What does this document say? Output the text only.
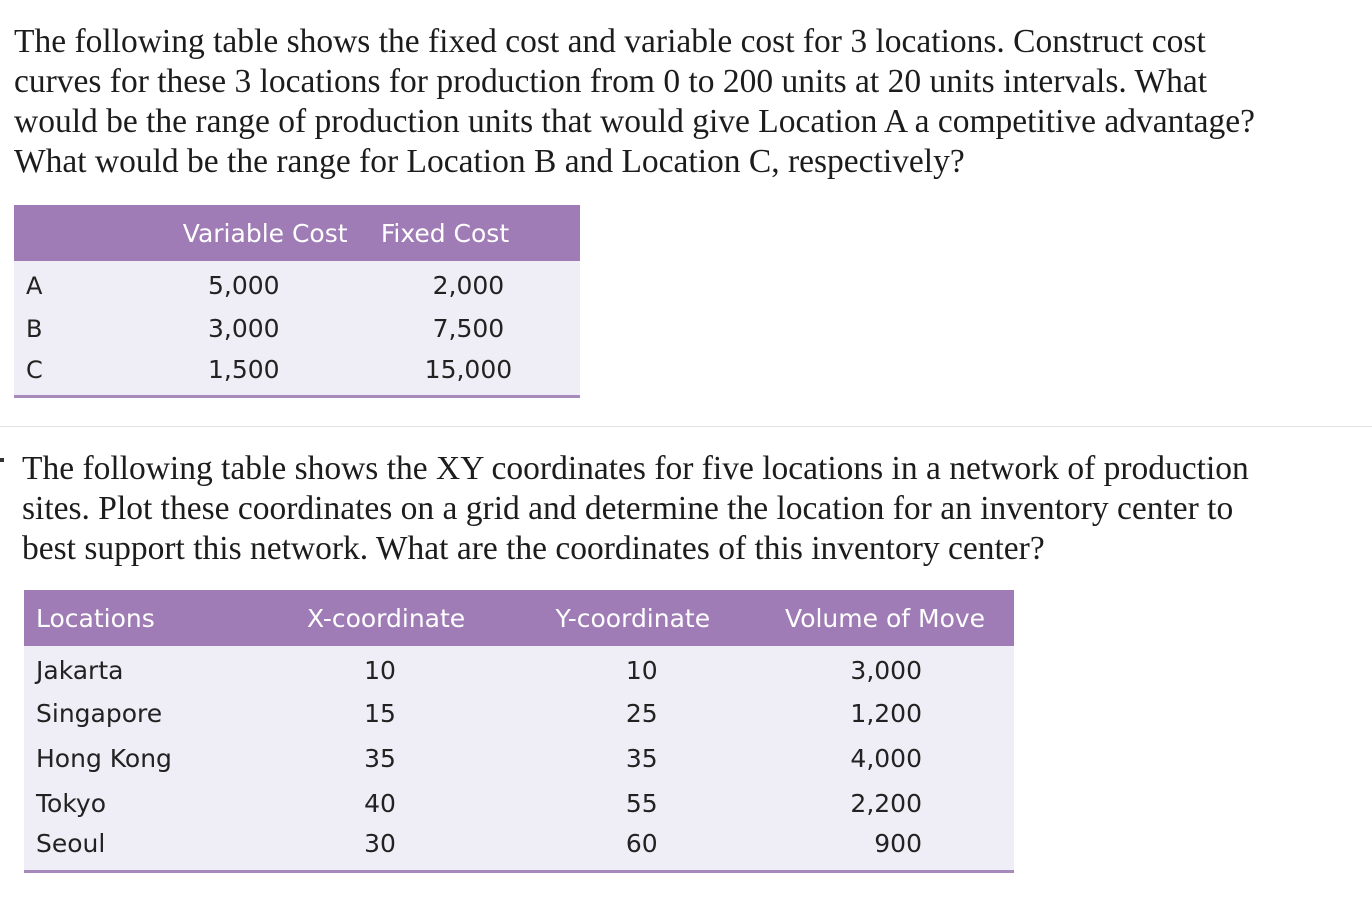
The following table shows the fixed cost and variable cost for 3 locations. Construct cost
curves for these 3 locations for production from 0 to 200 units at 20 units intervals. What
would be the range of production units that would give Location A a competitive advantage?
What would be the range for Location B and Location C, respectively?
	Variable Cost	Fixed Cost
A	5,000	2,000
B	3,000	7,500
C	1,500	15,000
The following table shows the XY coordinates for five locations in a network of production
sites. Plot these coordinates on a grid and determine the location for an inventory center to
best support this network. What are the coordinates of this inventory center?
Locations	X-coordinate	Y-coordinate	Volume of Move
Jakarta	10	10	3,000
Singapore	15	25	1,200
Hong Kong	35	35	4,000
Tokyo	40	55	2,200
Seoul	30	60	900
